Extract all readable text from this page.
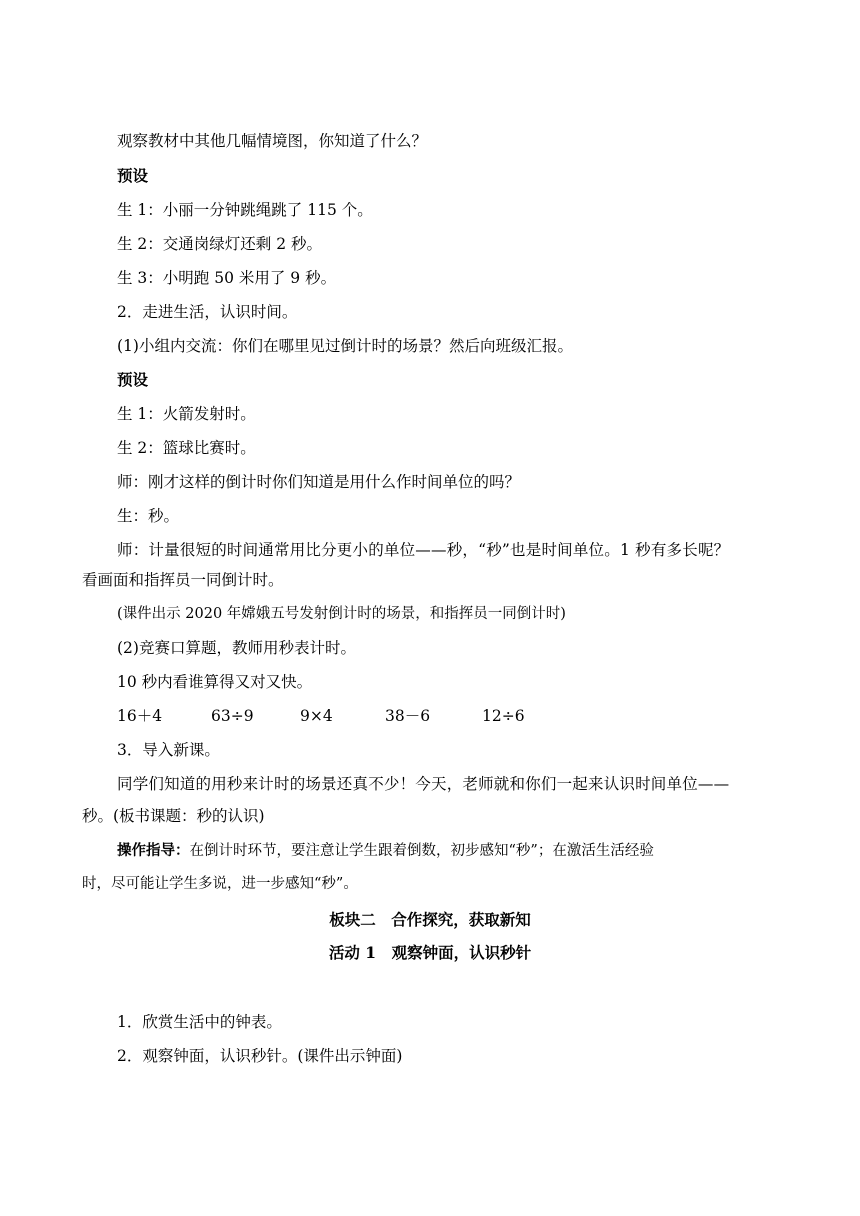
观察教材中其他几幅情境图，你知道了什么？
预设
生 1：小丽一分钟跳绳跳了 115 个。
生 2：交通岗绿灯还剩 2 秒。
生 3：小明跑 50 米用了 9 秒。
2．走进生活，认识时间。
(1)小组内交流：你们在哪里见过倒计时的场景？然后向班级汇报。
预设
生 1：火箭发射时。
生 2：篮球比赛时。
师：刚才这样的倒计时你们知道是用什么作时间单位的吗？
生：秒。
师：计量很短的时间通常用比分更小的单位——秒，“秒”也是时间单位。1 秒有多长呢？
看画面和指挥员一同倒计时。
(课件出示 2020 年嫦娥五号发射倒计时的场景，和指挥员一同倒计时)
(2)竞赛口算题，教师用秒表计时。
10 秒内看谁算得又对又快。
16＋4	63÷9	9×4	38－6	12÷6
3．导入新课。
同学们知道的用秒来计时的场景还真不少！今天，老师就和你们一起来认识时间单位——
秒。(板书课题：秒的认识)
操作指导：在倒计时环节，要注意让学生跟着倒数，初步感知“秒”；在激活生活经验
时，尽可能让学生多说，进一步感知“秒”。
板块二　合作探究，获取新知
活动 1　观察钟面，认识秒针
1．欣赏生活中的钟表。
2．观察钟面，认识秒针。(课件出示钟面)
